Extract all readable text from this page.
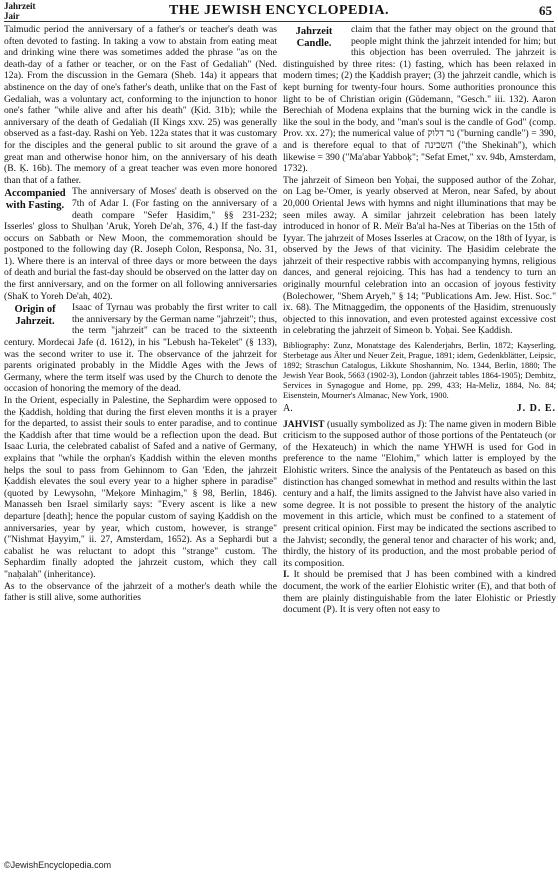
Jahrzeit
Jair	THE JEWISH ENCYCLOPEDIA.	65

Talmudic period the anniversary of a father's or teacher's death was often devoted to fasting. In taking a vow to abstain from eating meat and drinking wine there was sometimes added the phrase "as on the death-day of a father or teacher, or on the Fast of Gedaliah" (Ned. 12a). From the discussion in the Gemara (Sheb. 14a) it appears that abstinence on the day of one's father's death, unlike that on the Fast of Gedaliah, was a voluntary act, conforming to the injunction to honor one's father "while alive and after his death" (Ḳid. 31b); while the anniversary of the death of Gedaliah (II Kings xxv. 25) was generally observed as a fast-day. Rashi on Yeb. 122a states that it was customary for the disciples and the general public to sit around the grave of a great man and otherwise honor him, on the anniversary of his death (B. Ḳ. 16b). The memory of a great teacher was even more honored than that of a father.

Accompanied with Fasting.

The anniversary of Moses' death is observed on the 7th of Adar I. (For fasting on the anniversary of a death compare "Sefer Ḥasidim," §§ 231-232; Isserles' gloss to Shulḥan 'Aruk, Yoreh De'ah, 376, 4.) If the fast-day occurs on Sabbath or New Moon, the commemoration should be postponed to the following day (R. Joseph Colon, Responsa, No. 31, 1). Where there is an interval of three days or more between the days of death and burial the fast-day should be observed on the latter day on the first anniversary, and on the former on all following anniversaries (ShaK to Yoreh De'ah, 402).

Origin of Jahrzeit.

Isaac of Tyrnau was probably the first writer to call the anniversary by the German name "jahrzeit"; thus, the term "jahrzeit" can be traced to the sixteenth century. Mordecai Jafe (d. 1612), in his "Lebush ha-Tekelet" (§ 133), was the second writer to use it. The observance of the jahrzeit for parents originated probably in the Middle Ages with the Jews of Germany, where the term itself was used by the Church to denote the occasion of honoring the memory of the dead.

In the Orient, especially in Palestine, the Sephardim were opposed to the Ḳaddish, holding that during the first eleven months it is a prayer for the departed, to assist their souls to enter paradise, and to continue the Ḳaddish after that time would be a reflection upon the dead. But Isaac Luria, the celebrated cabalist of Safed and a native of Germany, explains that "while the orphan's Ḳaddish within the eleven months helps the soul to pass from Gehinnom to Gan 'Eden, the jahrzeit Ḳaddish elevates the soul every year to a higher sphere in paradise" (quoted by Lewysohn, "Meḳore Minhagim," § 98, Berlin, 1846). Manasseh ben Israel similarly says: "Every ascent is like a new departure [death]; hence the popular custom of saying Ḳaddish on the anniversaries, year by year, which custom, however, is strange" ("Nishmat Ḥayyim," ii. 27, Amsterdam, 1652). As a Sephardi but a cabalist he was reluctant to adopt this "strange" custom. The Sephardim finally adopted the jahrzeit custom, which they call "naḥalah" (inheritance).

As to the observance of the jahrzeit of a mother's death while the father is still alive, some authorities

Jahrzeit Candle.

claim that the father may object on the ground that people might think the jahrzeit intended for him; but this objection has been overruled. The jahrzeit is distinguished by three rites: (1) fasting, which has been relaxed in modern times; (2) the Ḳaddish prayer; (3) the jahrzeit candle, which is kept burning for twenty-four hours. Some authorities pronounce this light to be of Christian origin (Güdemann, "Gesch." iii. 132). Aaron Berechiah of Modena explains that the burning wick in the candle is like the soul in the body, and "man's soul is the candle of God" (comp. Prov. xx. 27); the numerical value of נר דלוק ("burning candle") = 390, and is therefore equal to that of השכינה ("the Shekinah"), which likewise = 390 ("Ma'abar Yabboḳ"; "Sefat Emet," xv. 94b, Amsterdam, 1732).

The jahrzeit of Simeon ben Yoḥai, the supposed author of the Zohar, on Lag be-'Omer, is yearly observed at Meron, near Safed, by about 20,000 Oriental Jews with hymns and night illuminations that may be seen miles away. A similar jahrzeit celebration has been lately introduced in honor of R. Meïr Ba'al ha-Nes at Tiberias on the 15th of Iyyar. The jahrzeit of Moses Isserles at Cracow, on the 18th of Iyyar, is observed by the Jews of that vicinity. The Ḥasidim celebrate the jahrzeit of their respective rabbis with accompanying hymns, religious dances, and general rejoicing. This has had a tendency to turn an originally mournful celebration into an occasion of joyous festivity (Bolechower, "Shem Aryeh," § 14; "Publications Am. Jew. Hist. Soc." ix. 68). The Mitnaggedim, the opponents of the Ḥasidim, strenuously objected to this innovation, and even protested against excessive cost in celebrating the jahrzeit of Simeon b. Yoḥai. See Ḳaddish.

Bibliography: Zunz, Monatstage des Kalenderjahrs, Berlin, 1872; Kayserling, Sterbetage aus Älter und Neuer Zeit, Prague, 1891; idem, Gedenkblätter, Leipsic, 1892; Straschun Catalogus, Likkute Shoshannim, No. 1344, Berlin, 1880; The Jewish Year Book, 5663 (1902-3), London (jahrzeit tables 1864-1905); Dembitz, Services in Synagogue and Home, pp. 299, 433; Ha-Meliz, 1884, No. 84; Eisenstein, Mourner's Almanac, New York, 1900.

A.	J. D. E.

JAHVIST (usually symbolized as J): The name given in modern Bible criticism to the supposed author of those portions of the Pentateuch (or of the Hexateuch) in which the name YHWH is used for God in preference to the name "Elohim," which latter is employed by the Elohistic writers. Since the analysis of the Pentateuch as based on this distinction has changed somewhat in method and results within the last century and a half, the limits assigned to the Jahvist have also varied in some degree. It is not possible to present the history of the analytic movement in this article, which must be confined to a statement of present critical opinion. First may be indicated the sections ascribed to the Jahvist; secondly, the general tenor and character of his work; and, thirdly, the history of its production, and the most probable period of its composition.

I. It should be premised that J has been combined with a kindred document, the work of the earlier Elohistic writer (E), and that both of them are plainly distinguishable from the later Elohistic or Priestly document (P). It is very often not easy to

©JewishEncyclopedia.com
